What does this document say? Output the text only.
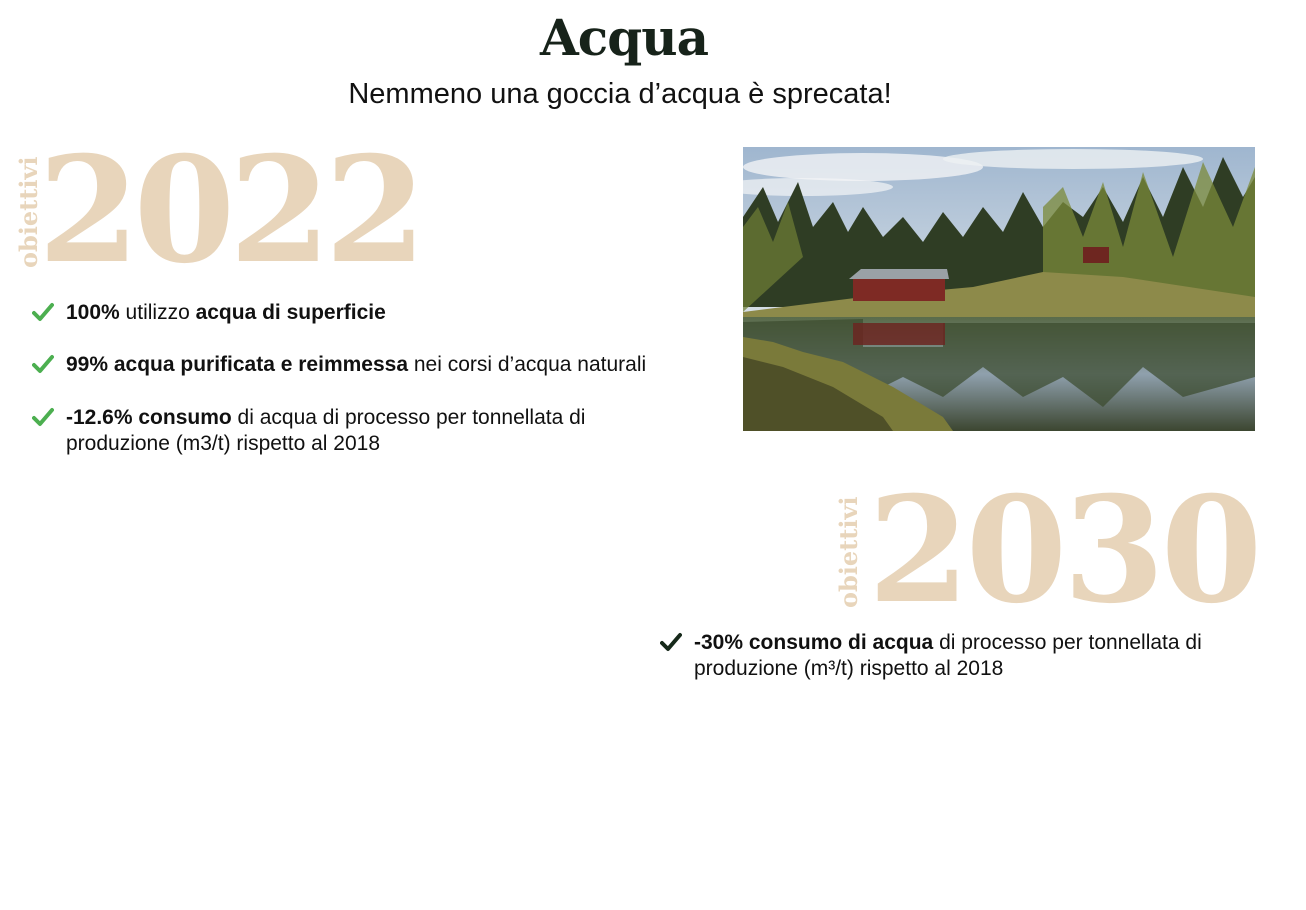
Acqua
Nemmeno una goccia d’acqua è sprecata!
obiettivi
2022
100% utilizzo acqua di superficie
99% acqua purificata e reimmessa nei corsi d’acqua naturali
-12.6% consumo di acqua di processo per tonnellata di produzione (m3/t) rispetto al 2018
obiettivi 2030
-30% consumo di acqua di processo per tonnellata di produzione (m³/t) rispetto al 2018
